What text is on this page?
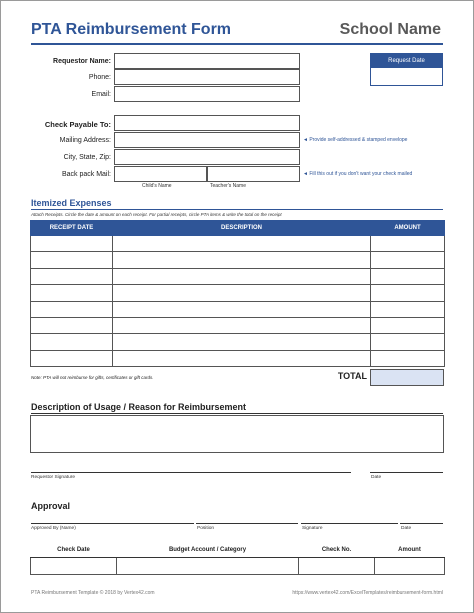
PTA Reimbursement Form	School Name
Requestor Name:
Phone:
Email:
Request Date
Check Payable To:
Mailing Address:	◄ Provide self-addressed & stamped envelope
City, State, Zip:
Back pack Mail:	◄ Fill this out if you don't want your check mailed
Child's Name	Teacher's Name
Itemized Expenses
Attach Receipts. Circle the date & amount on each receipt. For partial receipts, circle PTA items & write the total on the receipt
RECEIPT DATE	DESCRIPTION	AMOUNT

Note: PTA will not reimburse for gifts, certificates or gift cards.	TOTAL
Description of Usage / Reason for Reimbursement
Requestor Signature	Date
Approval
Approved By (Name)	Position	Signature	Date
Check Date	Budget Account / Category	Check No.	Amount

PTA Reimbursement Template © 2018 by Vertex42.com	https://www.vertex42.com/ExcelTemplates/reimbursement-form.html
